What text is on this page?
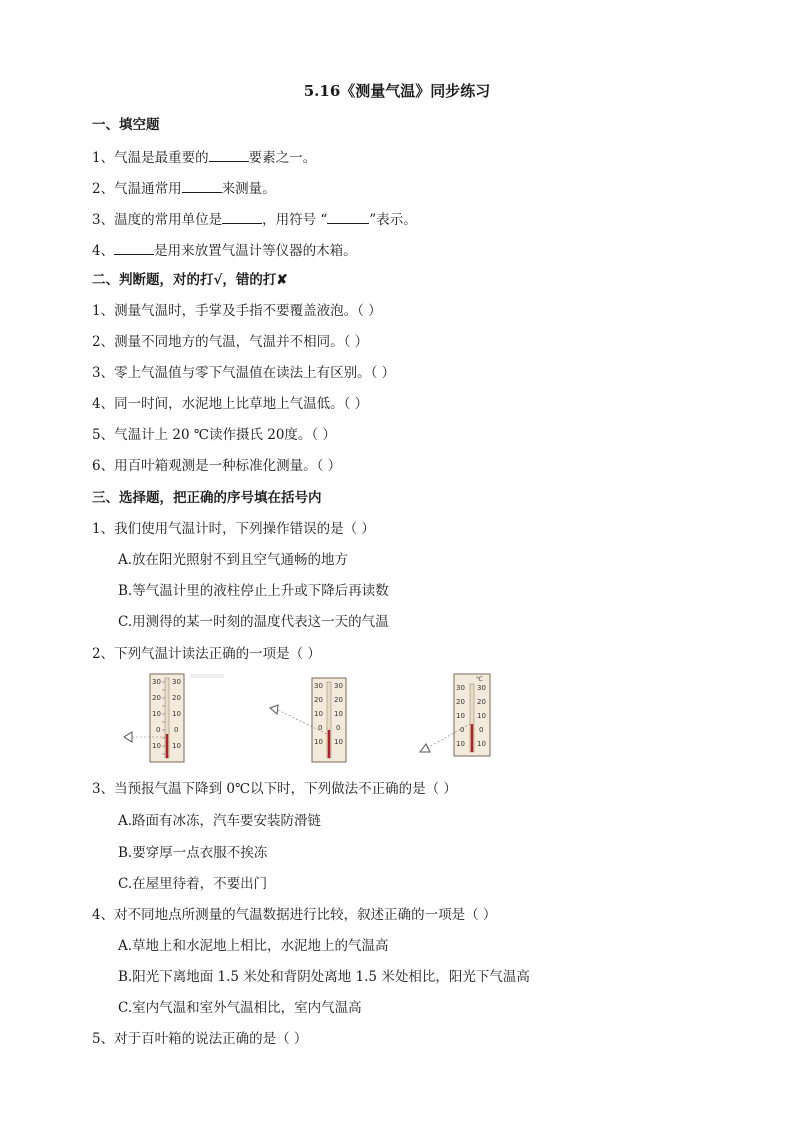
5.16《测量气温》同步练习
一、填空题
1、气温是最重要的	要素之一。
2、气温通常用	来测量。
3、温度的常用单位是	，用符号 “	”表示。
4、	是用来放置气温计等仪器的木箱。
二、判断题，对的打√，错的打✘
1、测量气温时，手掌及手指不要覆盖液泡。（ ）
2、测量不同地方的气温，气温并不相同。（ ）
3、零上气温值与零下气温值在读法上有区别。（ ）
4、同一时间，水泥地上比草地上气温低。（ ）
5、气温计上 20 ℃读作摄氏 20度。（ ）
6、用百叶箱观测是一种标准化测量。（ ）
三、选择题，把正确的序号填在括号内
1、我们使用气温计时，下列操作错误的是（ ）
A.放在阳光照射不到且空气通畅的地方
B.等气温计里的液柱停止上升或下降后再读数
C.用测得的某一时刻的温度代表这一天的气温
2、下列气温计读法正确的一项是（ ）
30
20
10
0
10
30
20
10
0
10
30
20
10
0
10
30
20
10
0
10
℃
30
20
10
0
10
30
20
10
0
10
3、当预报气温下降到 0℃以下时，下列做法不正确的是（ ）
A.路面有冰冻，汽车要安装防滑链
B.要穿厚一点衣服不挨冻
C.在屋里待着，不要出门
4、对不同地点所测量的气温数据进行比较，叙述正确的一项是（ ）
A.草地上和水泥地上相比，水泥地上的气温高
B.阳光下离地面 1.5 米处和背阴处离地 1.5 米处相比，阳光下气温高
C.室内气温和室外气温相比，室内气温高
5、对于百叶箱的说法正确的是（ ）
